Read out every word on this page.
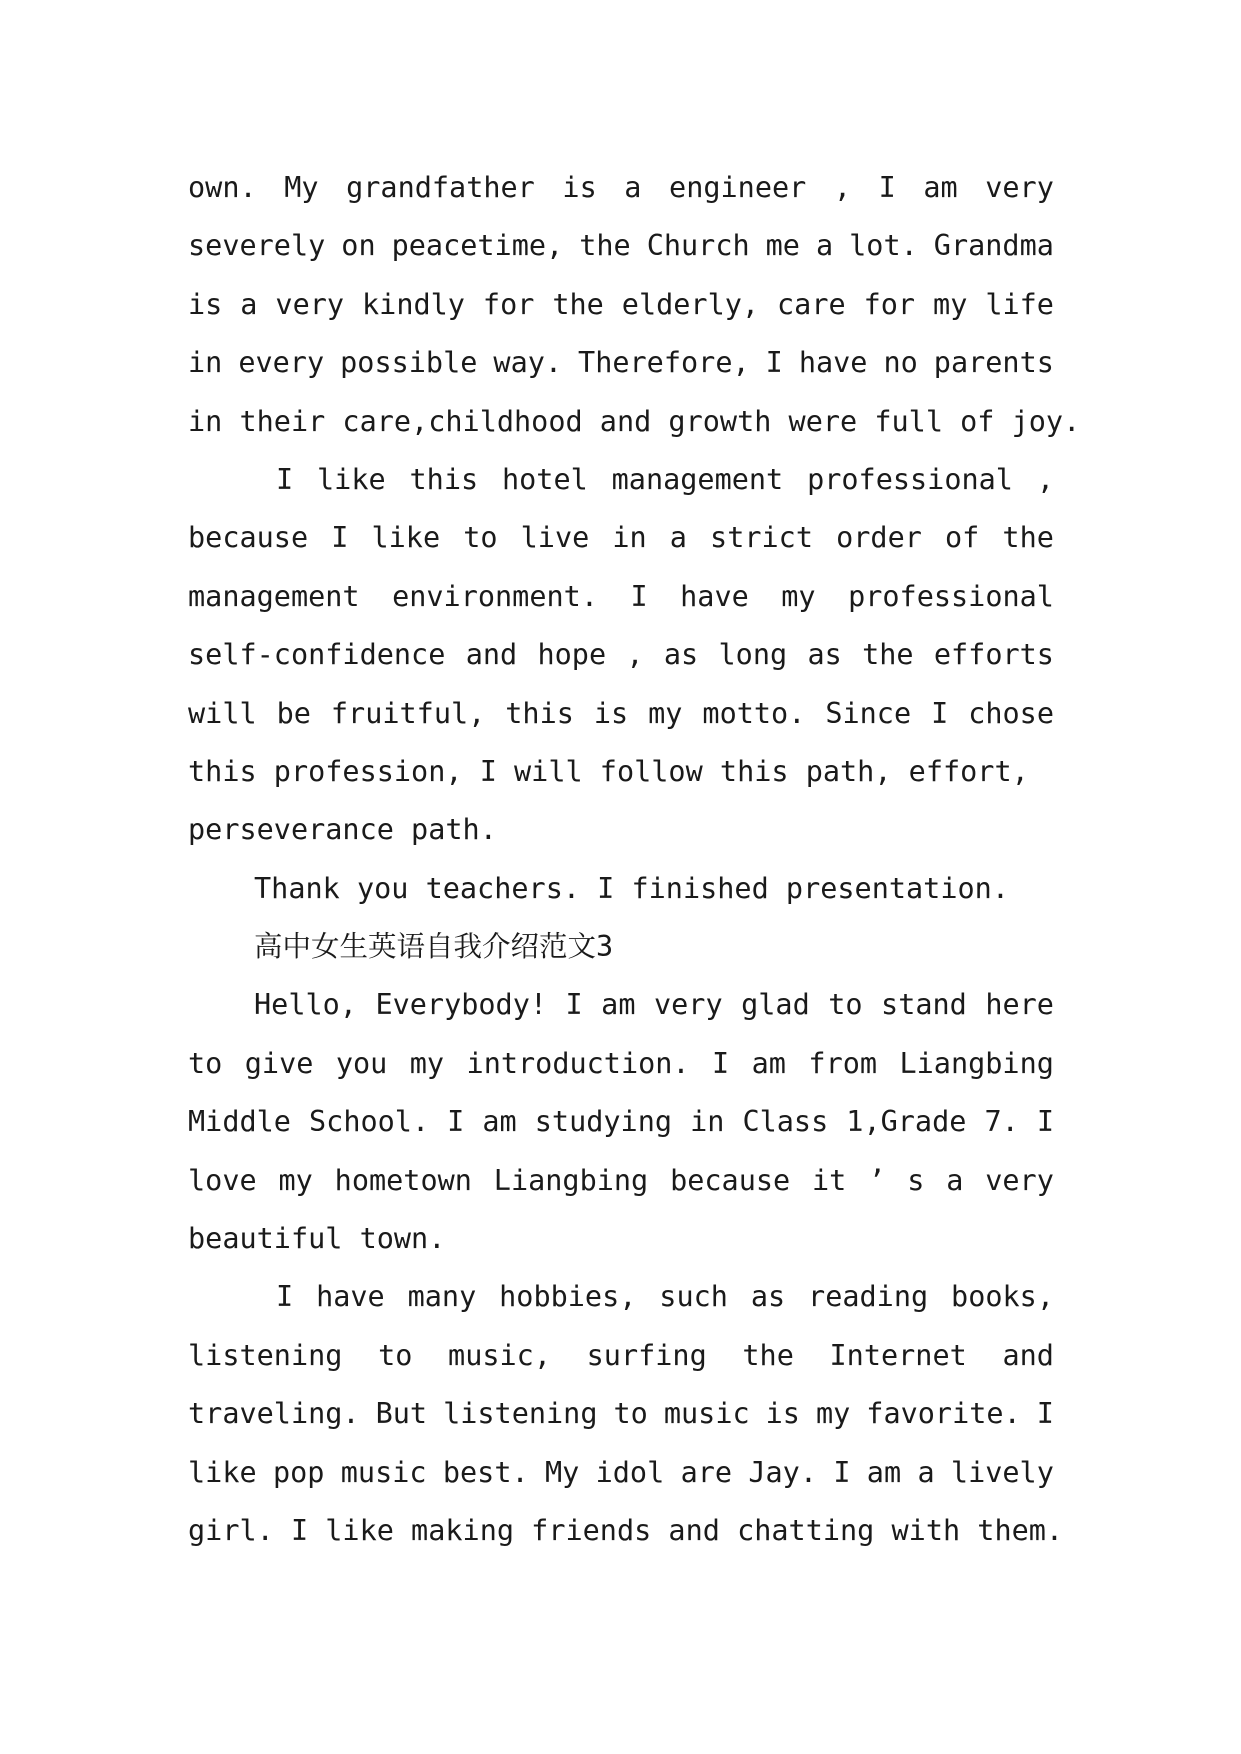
own. My grandfather is a engineer , I am very
severely on peacetime, the Church me a lot. Grandma
is a very kindly for the elderly, care for my life
in every possible way. Therefore, I have no parents
in their care,childhood and growth were full of joy.
I like this hotel management professional ,
because I like to live in a strict order of the
management environment. I have my professional
self-confidence and hope , as long as the efforts
will be fruitful, this is my motto. Since I chose
this profession, I will follow this path, effort,
perseverance path.
Thank you teachers. I finished presentation.
高中女生英语自我介绍范文3
Hello, Everybody! I am very glad to stand here
to give you my introduction. I am from Liangbing
Middle School. I am studying in Class 1,Grade 7. I
love my hometown Liangbing because it ’ s a very
beautiful town.
I have many hobbies, such as reading books,
listening to music, surfing the Internet and
traveling. But listening to music is my favorite. I
like pop music best. My idol are Jay. I am a lively
girl. I like making friends and chatting with them.
